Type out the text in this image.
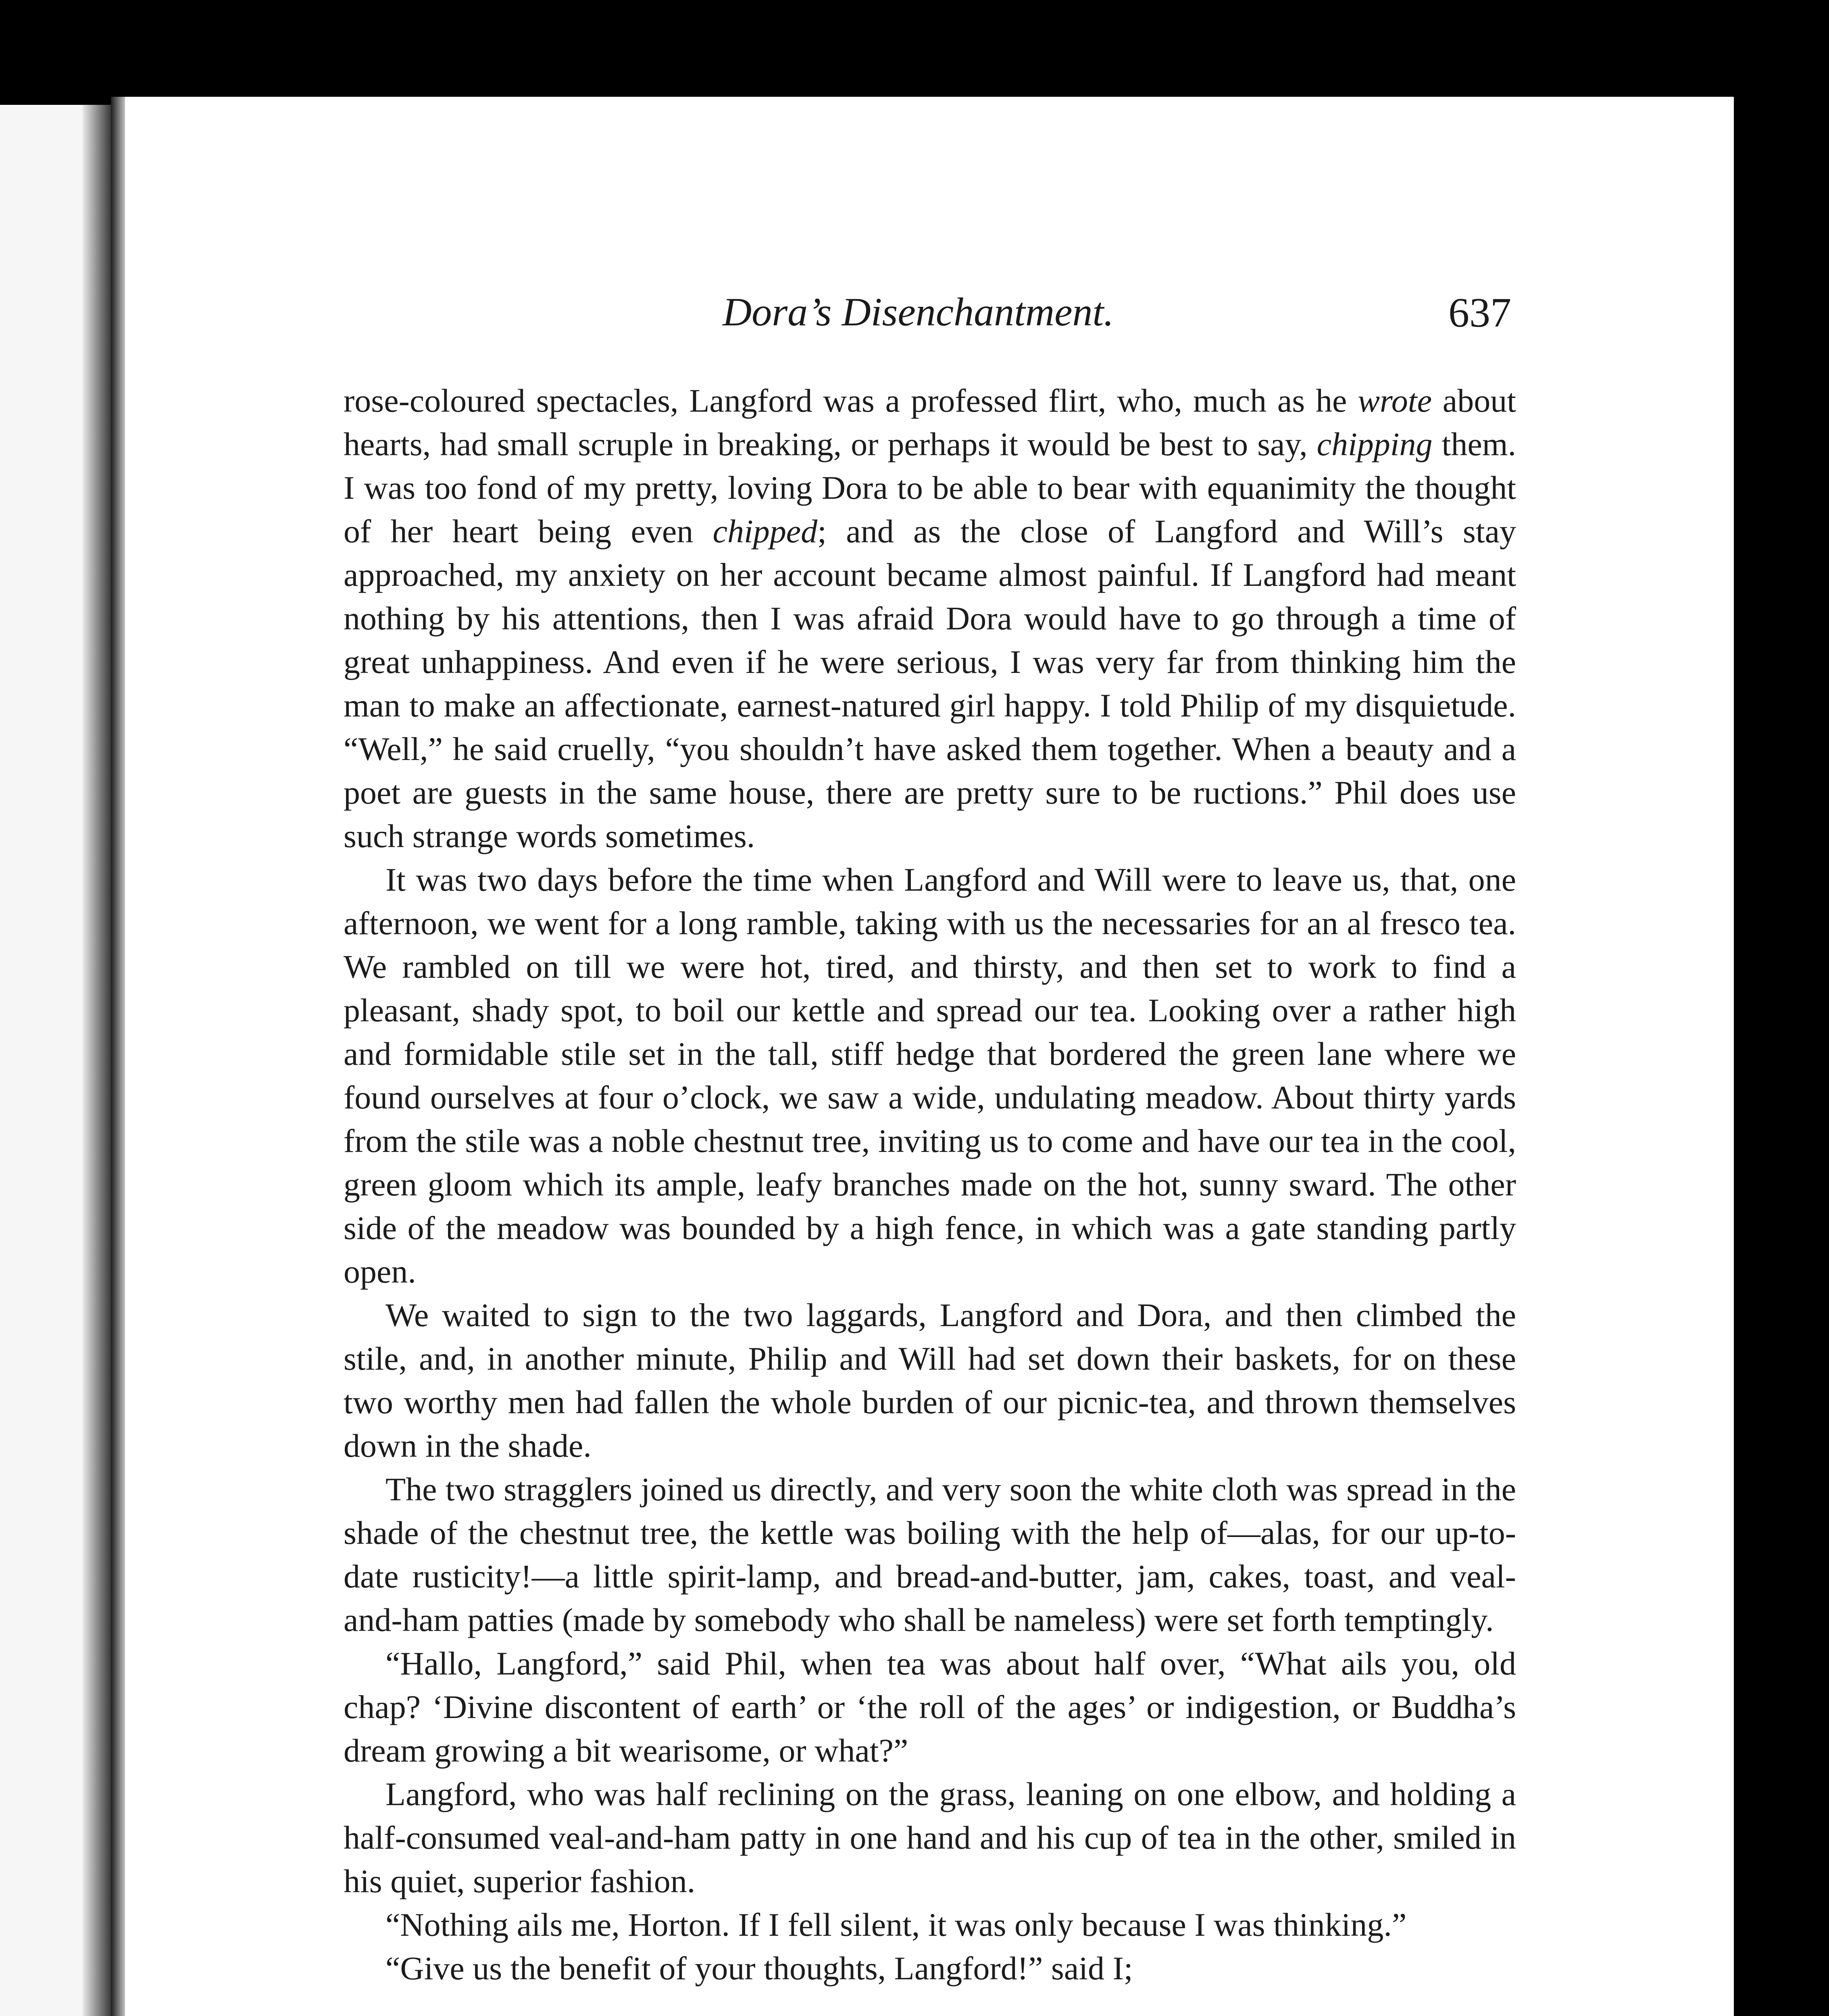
Dora’s Disenchantment.	637

rose-coloured spectacles, Langford was a professed flirt, who, much as he wrote about hearts, had small scruple in breaking, or perhaps it would be best to say, chipping them. I was too fond of my pretty, loving Dora to be able to bear with equanimity the thought of her heart being even chipped; and as the close of Langford and Will’s stay approached, my anxiety on her account became almost painful. If Langford had meant nothing by his attentions, then I was afraid Dora would have to go through a time of great unhappiness. And even if he were serious, I was very far from thinking him the man to make an affectionate, earnest-natured girl happy. I told Philip of my disquietude. “Well,” he said cruelly, “you shouldn’t have asked them together. When a beauty and a poet are guests in the same house, there are pretty sure to be ructions.” Phil does use such strange words sometimes.

It was two days before the time when Langford and Will were to leave us, that, one afternoon, we went for a long ramble, taking with us the necessaries for an al fresco tea. We rambled on till we were hot, tired, and thirsty, and then set to work to find a pleasant, shady spot, to boil our kettle and spread our tea. Looking over a rather high and formidable stile set in the tall, stiff hedge that bordered the green lane where we found ourselves at four o’clock, we saw a wide, undulating meadow. About thirty yards from the stile was a noble chestnut tree, inviting us to come and have our tea in the cool, green gloom which its ample, leafy branches made on the hot, sunny sward. The other side of the meadow was bounded by a high fence, in which was a gate standing partly open.

We waited to sign to the two laggards, Langford and Dora, and then climbed the stile, and, in another minute, Philip and Will had set down their baskets, for on these two worthy men had fallen the whole burden of our picnic-tea, and thrown themselves down in the shade.

The two stragglers joined us directly, and very soon the white cloth was spread in the shade of the chestnut tree, the kettle was boiling with the help of—alas, for our up-to-date rusticity!—a little spirit-lamp, and bread-and-butter, jam, cakes, toast, and veal-and-ham patties (made by somebody who shall be nameless) were set forth temptingly.

“Hallo, Langford,” said Phil, when tea was about half over, “What ails you, old chap? ‘Divine discontent of earth’ or ‘the roll of the ages’ or indigestion, or Buddha’s dream growing a bit wearisome, or what?”

Langford, who was half reclining on the grass, leaning on one elbow, and holding a half-consumed veal-and-ham patty in one hand and his cup of tea in the other, smiled in his quiet, superior fashion.

“Nothing ails me, Horton. If I fell silent, it was only because I was thinking.”

“Give us the benefit of your thoughts, Langford!” said I;
